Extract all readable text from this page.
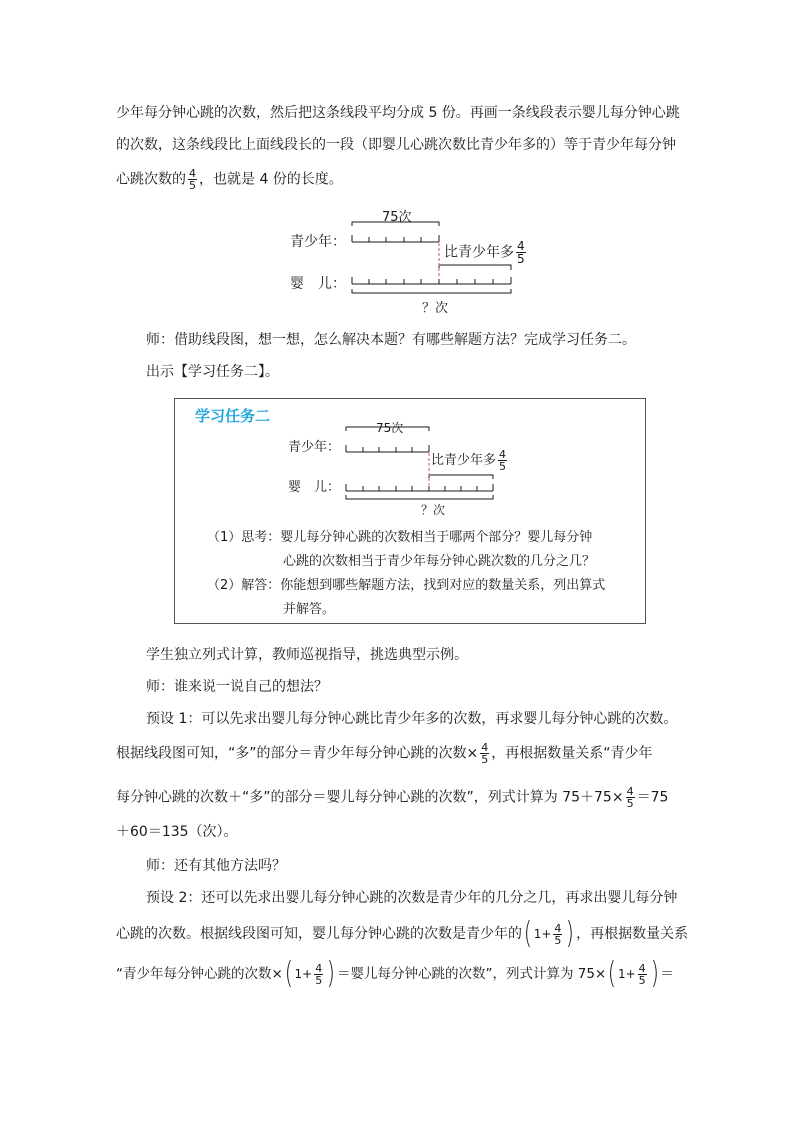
少年每分钟心跳的次数，然后把这条线段平均分成 5 份。再画一条线段表示婴儿每分钟心跳
的次数，这条线段比上面线段长的一段（即婴儿心跳次数比青少年多的）等于青少年每分钟
心跳次数的 $\frac{4}{5}$ ，也就是 4 份的长度。
75次
青少年：
比青少年多 $\frac{4}{5}$
婴　儿：
？次
师：借助线段图，想一想，怎么解决本题？有哪些解题方法？完成学习任务二。
出示【学习任务二】。
学习任务二
75次
青少年：
比青少年多 $\frac{4}{5}$
婴　儿：
？次
（1）思考：婴儿每分钟心跳的次数相当于哪两个部分？婴儿每分钟
心跳的次数相当于青少年每分钟心跳次数的几分之几？
（2）解答：你能想到哪些解题方法，找到对应的数量关系，列出算式
并解答。
学生独立列式计算，教师巡视指导，挑选典型示例。
师：谁来说一说自己的想法？
预设 1：可以先求出婴儿每分钟心跳比青少年多的次数，再求婴儿每分钟心跳的次数。
根据线段图可知，“多”的部分＝青少年每分钟心跳的次数× $\frac{4}{5}$ ，再根据数量关系“青少年
每分钟心跳的次数＋“多”的部分＝婴儿每分钟心跳的次数”，列式计算为 $75+75\times \frac{4}{5} =75$
＋60＝135（次）。
师：还有其他方法吗？
预设 2：还可以先求出婴儿每分钟心跳的次数是青少年的几分之几，再求出婴儿每分钟
心跳的次数。根据线段图可知，婴儿每分钟心跳的次数是青少年的 ( $1+ \frac{4}{5}$ ) ，再根据数量关系
“青少年每分钟心跳的次数× ( $1+ \frac{4}{5}$ ) ＝婴儿每分钟心跳的次数”，列式计算为 75× ( $1+ \frac{4}{5}$ ) ＝
